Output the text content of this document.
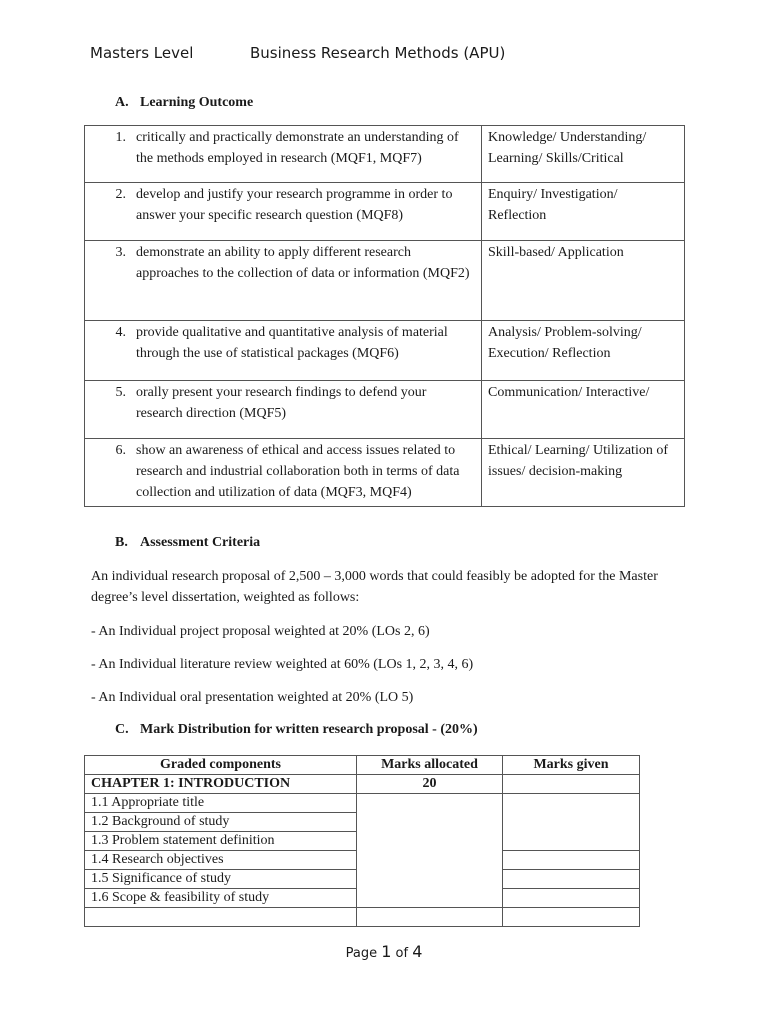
Masters Level	Business Research Methods (APU)
A. Learning Outcome
1. critically and practically demonstrate an understanding of the methods employed in research (MQF1, MQF7)	Knowledge/ Understanding/ Learning/ Skills/Critical
2. develop and justify your research programme in order to answer your specific research question (MQF8)	Enquiry/ Investigation/ Reflection
3. demonstrate an ability to apply different research approaches to the collection of data or information (MQF2)	Skill-based/ Application
4. provide qualitative and quantitative analysis of material through the use of statistical packages (MQF6)	Analysis/ Problem-solving/ Execution/ Reflection
5. orally present your research findings to defend your research direction (MQF5)	Communication/ Interactive/
6. show an awareness of ethical and access issues related to research and industrial collaboration both in terms of data collection and utilization of data (MQF3, MQF4)	Ethical/ Learning/ Utilization of issues/ decision-making
B. Assessment Criteria
An individual research proposal of 2,500 – 3,000 words that could feasibly be adopted for the Master degree’s level dissertation, weighted as follows:
- An Individual project proposal weighted at 20% (LOs 2, 6)
- An Individual literature review weighted at 60% (LOs 1, 2, 3, 4, 6)
- An Individual oral presentation weighted at 20% (LO 5)
C. Mark Distribution for written research proposal - (20%)
Graded components	Marks allocated	Marks given
CHAPTER 1: INTRODUCTION	20	
1.1 Appropriate title		
1.2 Background of study		
1.3 Problem statement definition		
1.4 Research objectives		
1.5 Significance of study		
1.6 Scope & feasibility of study		

Page 1 of 4
